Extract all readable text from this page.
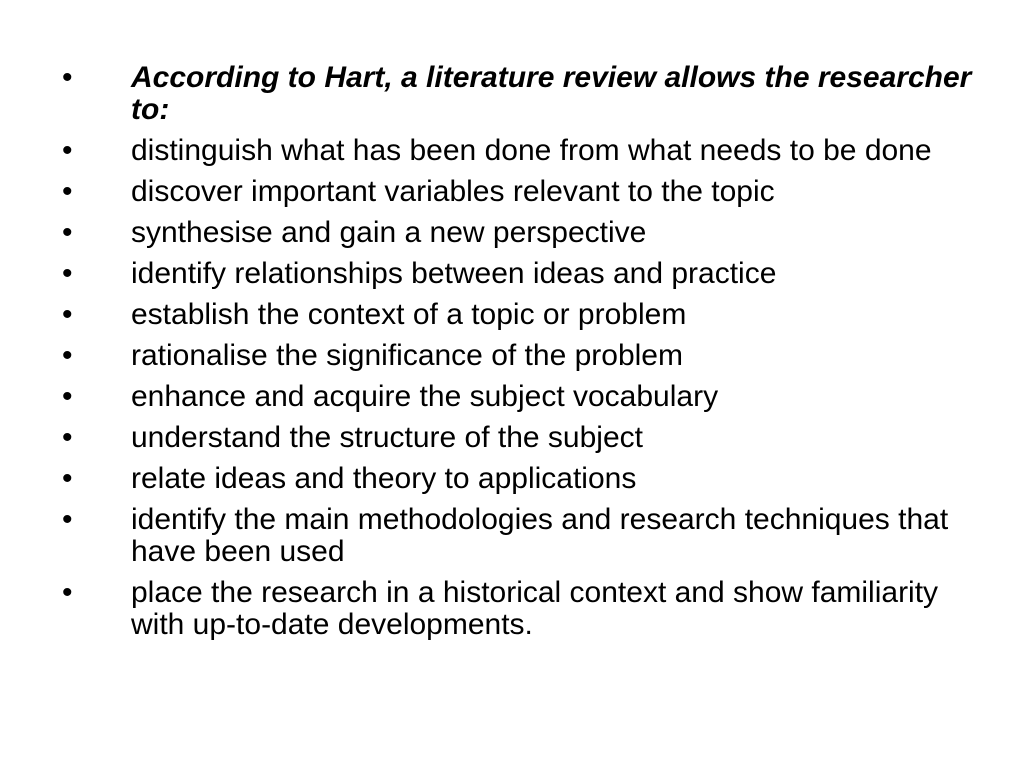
• According to Hart, a literature review allows the researcher to:
• distinguish what has been done from what needs to be done
• discover important variables relevant to the topic
• synthesise and gain a new perspective
• identify relationships between ideas and practice
• establish the context of a topic or problem
• rationalise the significance of the problem
• enhance and acquire the subject vocabulary
• understand the structure of the subject
• relate ideas and theory to applications
• identify the main methodologies and research techniques that have been used
• place the research in a historical context and show familiarity with up-to-date developments.
